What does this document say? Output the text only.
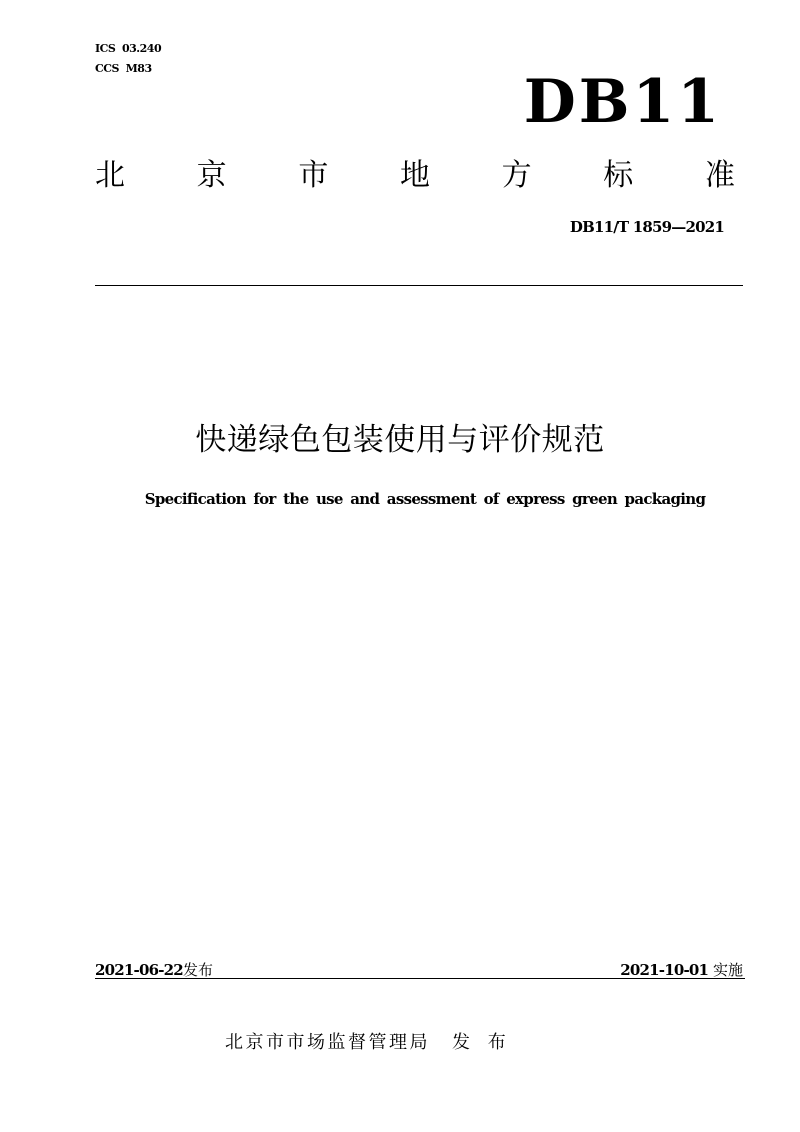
ICS  03.240
CCS  M83	DB11
北 京 市 地 方 标 准
DB11/T 1859—2021
快递绿色包装使用与评价规范
Specification for the use and assessment of express green packaging
2021-06-22发布	2021-10-01 实施
北京市市场监督管理局 发 布
